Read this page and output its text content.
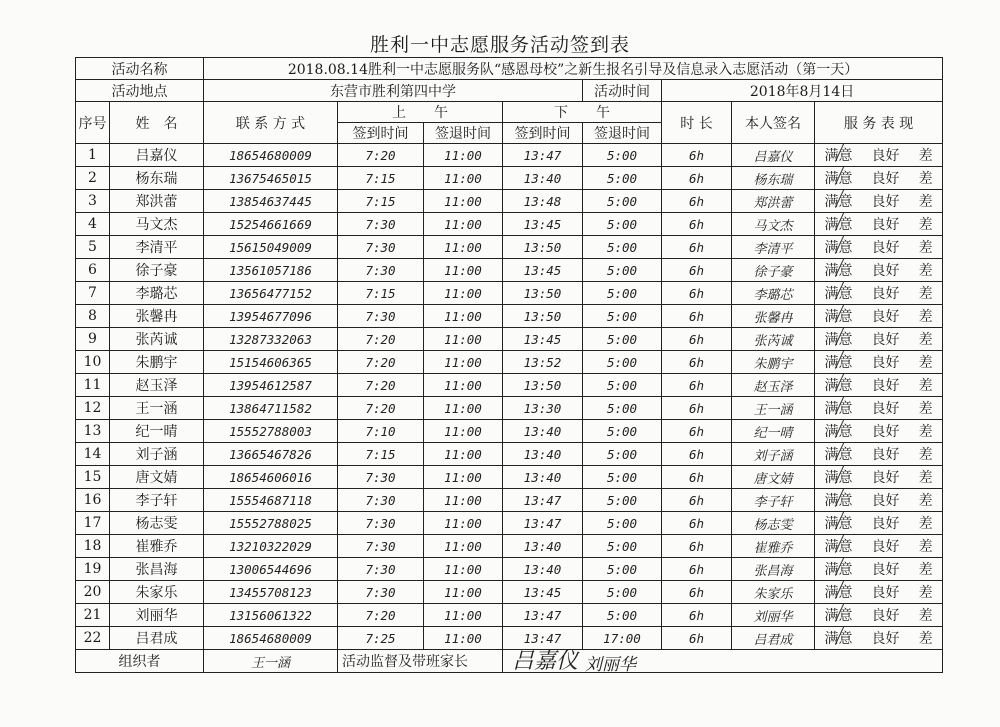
胜利一中志愿服务活动签到表
活动名称		2018.08.14胜利一中志愿服务队“感恩母校”之新生报名引导及信息录入志愿活动（第一天）							
活动地点		东营市胜利第四中学				活动时间	2018年8月14日		
序号	姓　名	联 系 方 式	上　　午		下　　午		时 长	本人签名	服 务 表 现
			签到时间	签退时间	签到时间	签退时间			
1	吕嘉仪	18654680009	7:20	11:00	13:47	5:00	6h	吕嘉仪	满意 良好 差

2	杨东瑞	13675465015	7:15	11:00	13:40	5:00	6h	杨东瑞	满意 良好 差

3	郑洪蕾	13854637445	7:15	11:00	13:48	5:00	6h	郑洪蕾	满意 良好 差

4	马文杰	15254661669	7:30	11:00	13:45	5:00	6h	马文杰	满意 良好 差

5	李清平	15615049009	7:30	11:00	13:50	5:00	6h	李清平	满意 良好 差

6	徐子豪	13561057186	7:30	11:00	13:45	5:00	6h	徐子豪	满意 良好 差

7	李璐芯	13656477152	7:15	11:00	13:50	5:00	6h	李璐芯	满意 良好 差

8	张馨冉	13954677096	7:30	11:00	13:50	5:00	6h	张馨冉	满意 良好 差

9	张芮诚	13287332063	7:20	11:00	13:45	5:00	6h	张芮诚	满意 良好 差

10	朱鹏宇	15154606365	7:20	11:00	13:52	5:00	6h	朱鹏宇	满意 良好 差

11	赵玉泽	13954612587	7:20	11:00	13:50	5:00	6h	赵玉泽	满意 良好 差

12	王一涵	13864711582	7:20	11:00	13:30	5:00	6h	王一涵	满意 良好 差

13	纪一晴	15552788003	7:10	11:00	13:40	5:00	6h	纪一晴	满意 良好 差

14	刘子涵	13665467826	7:15	11:00	13:40	5:00	6h	刘子涵	满意 良好 差

15	唐文婧	18654606016	7:30	11:00	13:40	5:00	6h	唐文婧	满意 良好 差

16	李子轩	15554687118	7:30	11:00	13:47	5:00	6h	李子轩	满意 良好 差

17	杨志雯	15552788025	7:30	11:00	13:47	5:00	6h	杨志雯	满意 良好 差

18	崔雅乔	13210322029	7:30	11:00	13:40	5:00	6h	崔雅乔	满意 良好 差

19	张昌海	13006544696	7:30	11:00	13:40	5:00	6h	张昌海	满意 良好 差

20	朱家乐	13455708123	7:30	11:00	13:45	5:00	6h	朱家乐	满意 良好 差

21	刘丽华	13156061322	7:20	11:00	13:47	5:00	6h	刘丽华	满意 良好 差

22	吕君成	18654680009	7:25	11:00	13:47	17:00	6h	吕君成	满意 良好 差

组织者		王一涵	活动监督及带班家长						吕嘉仪 刘丽华
